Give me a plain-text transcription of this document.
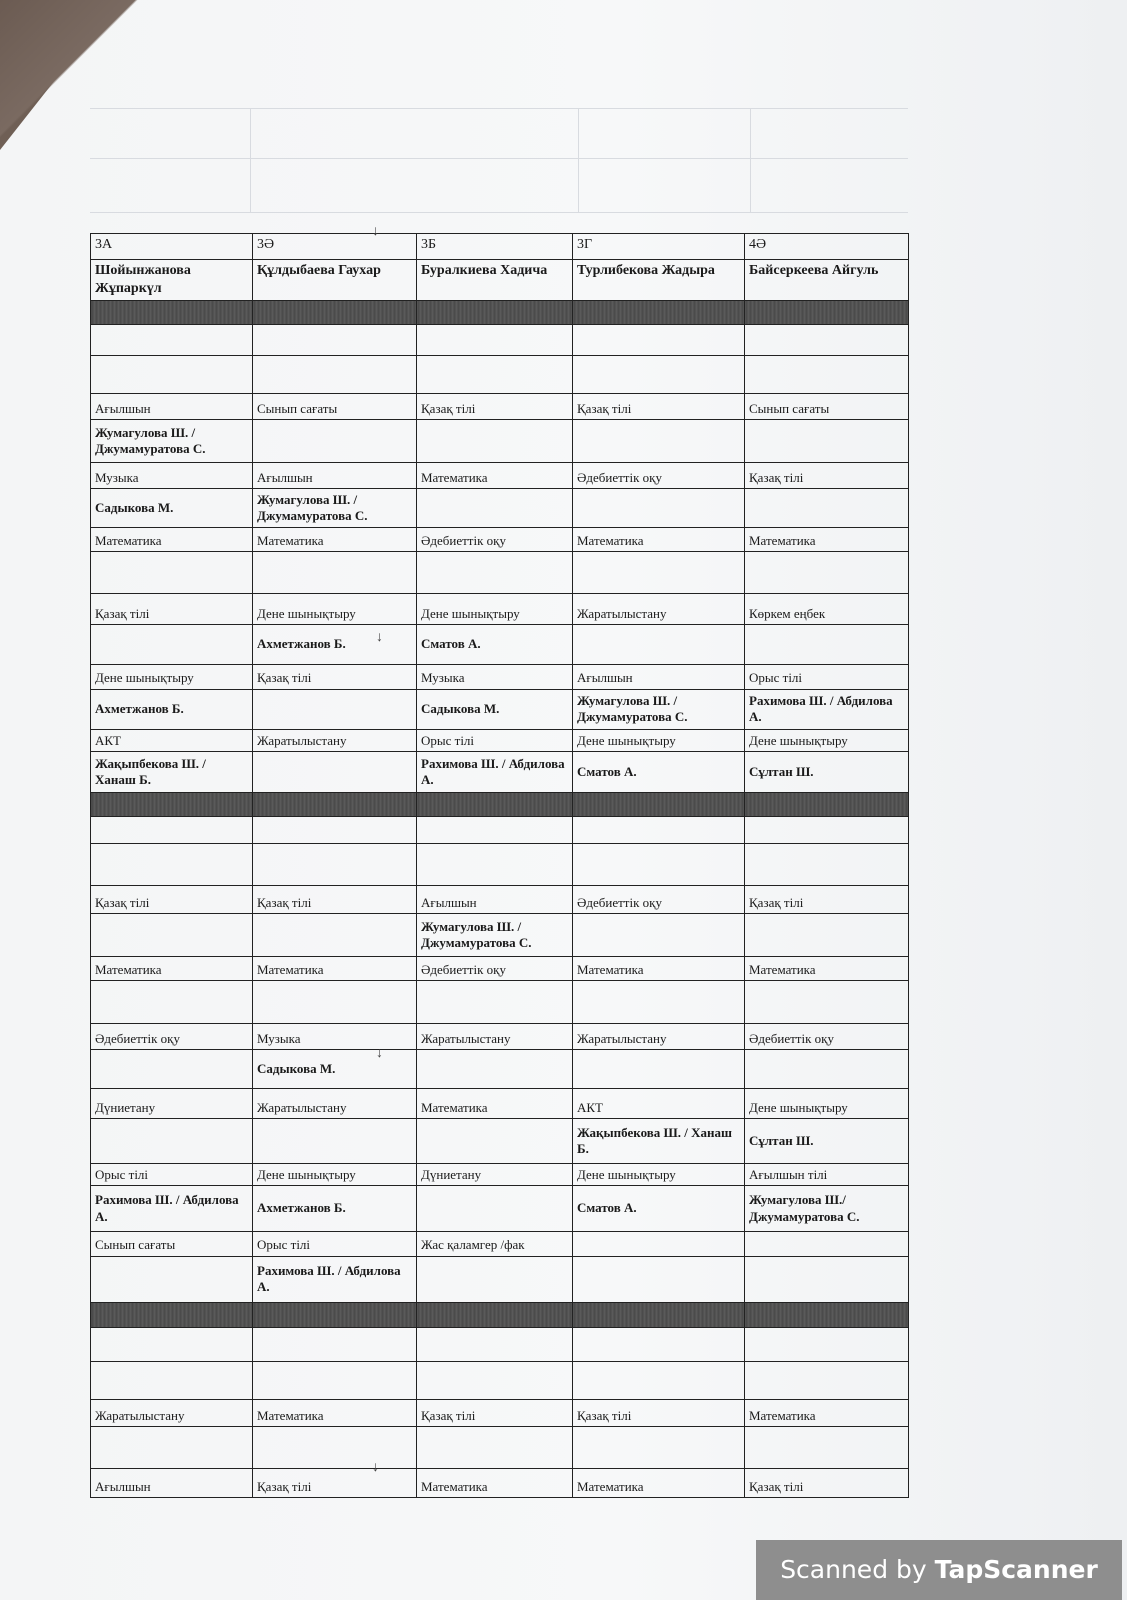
3А	3Ә	3Б	3Г	4Ә
Шойынжанова Жұпаркүл	Құлдыбаева Гаухар	Буралкиева Хадича	Турлибекова Жадыра	Байсеркеева Айгуль

Ағылшын	Сынып сағаты	Қазақ тілі	Қазақ тілі	Сынып сағаты
Жумагулова Ш. / Джумамуратова С.				
Музыка	Ағылшын	Математика	Әдебиеттік оқу	Қазақ тілі
Садыкова М.	Жумагулова Ш. / Джумамуратова С.			
Математика	Математика	Әдебиеттік оқу	Математика	Математика

Қазақ тілі	Дене шынықтыру	Дене шынықтыру	Жаратылыстану	Көркем еңбек
	Ахметжанов Б.	Сматов А.		
Дене шынықтыру	Қазақ тілі	Музыка	Ағылшын	Орыс тілі
Ахметжанов Б.		Садыкова М.	Жумагулова Ш. / Джумамуратова С.	Рахимова Ш. / Абдилова А.
АКТ	Жаратылыстану	Орыс тілі	Дене шынықтыру	Дене шынықтыру
Жақыпбекова Ш. / Ханаш Б.		Рахимова Ш. / Абдилова А.	Сматов А.	Сұлтан Ш.

Қазақ тілі	Қазақ тілі	Ағылшын	Әдебиеттік оқу	Қазақ тілі
		Жумагулова Ш. / Джумамуратова С.		
Математика	Математика	Әдебиеттік оқу	Математика	Математика

Әдебиеттік оқу	Музыка	Жаратылыстану	Жаратылыстану	Әдебиеттік оқу
	Садыкова М.			
Дүниетану	Жаратылыстану	Математика	АКТ	Дене шынықтыру
			Жақыпбекова Ш. / Ханаш Б.	Сұлтан Ш.
Орыс тілі	Дене шынықтыру	Дүниетану	Дене шынықтыру	Ағылшын тілі
Рахимова Ш. / Абдилова А.	Ахметжанов Б.		Сматов А.	Жумагулова Ш./ Джумамуратова С.
Сынып сағаты	Орыс тілі	Жас қаламгер /фак		
	Рахимова Ш. / Абдилова А.			

Жаратылыстану	Математика	Қазақ тілі	Қазақ тілі	Математика

Ағылшын	Қазақ тілі	Математика	Математика	Қазақ тілі
↓
↓
↓
↓
Scanned by TapScanner
